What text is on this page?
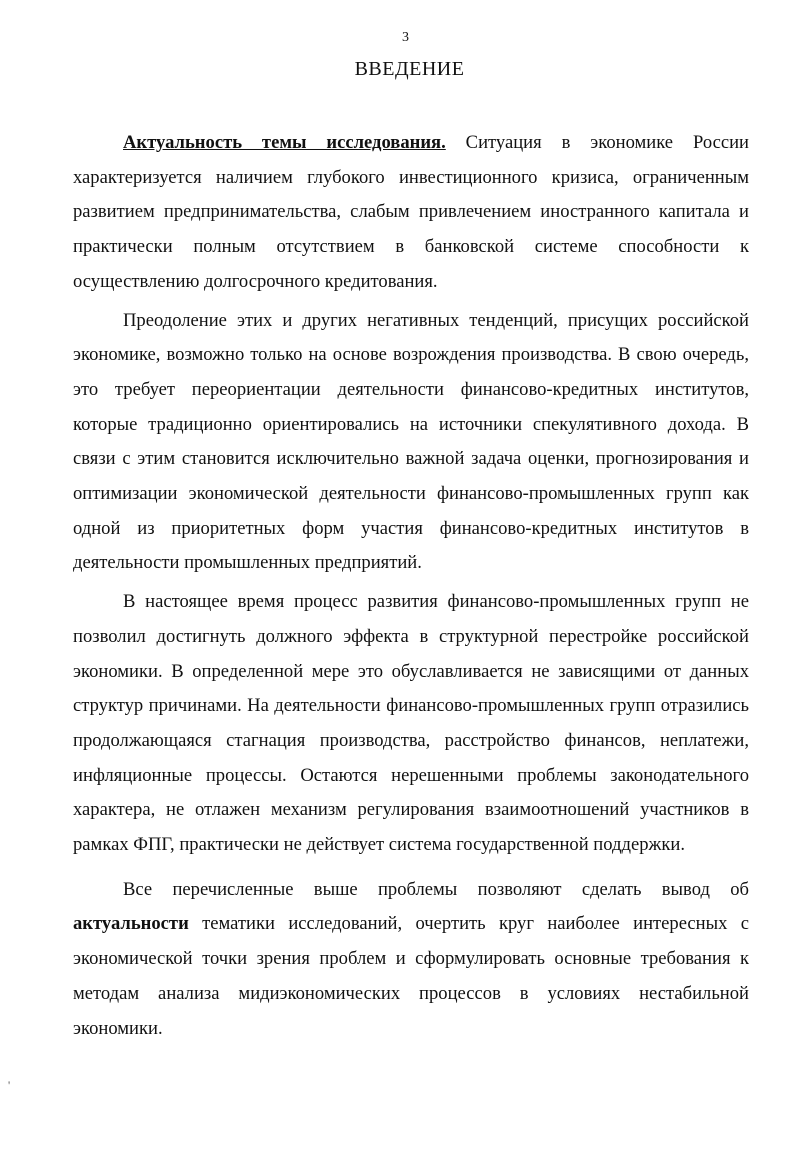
3
ВВЕДЕНИЕ

Актуальность темы исследования. Ситуация в экономике России характеризуется наличием глубокого инвестиционного кризиса, ограниченным развитием предпринимательства, слабым привлечением иностранного капитала и практически полным отсутствием в банковской системе способности к осуществлению долгосрочного кредитования.

Преодоление этих и других негативных тенденций, присущих российской экономике, возможно только на основе возрождения производства. В свою очередь, это требует переориентации деятельности финансово-кредитных институтов, которые традиционно ориентировались на источники спекулятивного дохода. В связи с этим становится исключительно важной задача оценки, прогнозирования и оптимизации экономической деятельности финансово-промышленных групп как одной из приоритетных форм участия финансово-кредитных институтов в деятельности промышленных предприятий.

В настоящее время процесс развития финансово-промышленных групп не позволил достигнуть должного эффекта в структурной перестройке российской экономики. В определенной мере это обуславливается не зависящими от данных структур причинами. На деятельности финансово-промышленных групп отразились продолжающаяся стагнация производства, расстройство финансов, неплатежи, инфляционные процессы. Остаются нерешенными проблемы законодательного характера, не отлажен механизм регулирования взаимоотношений участников в рамках ФПГ, практически не действует система государственной поддержки.

Все перечисленные выше проблемы позволяют сделать вывод об актуальности тематики исследований, очертить круг наиболее интересных с экономической точки зрения проблем и сформулировать основные требования к методам анализа мидиэкономических процессов в условиях нестабильной экономики.

'
